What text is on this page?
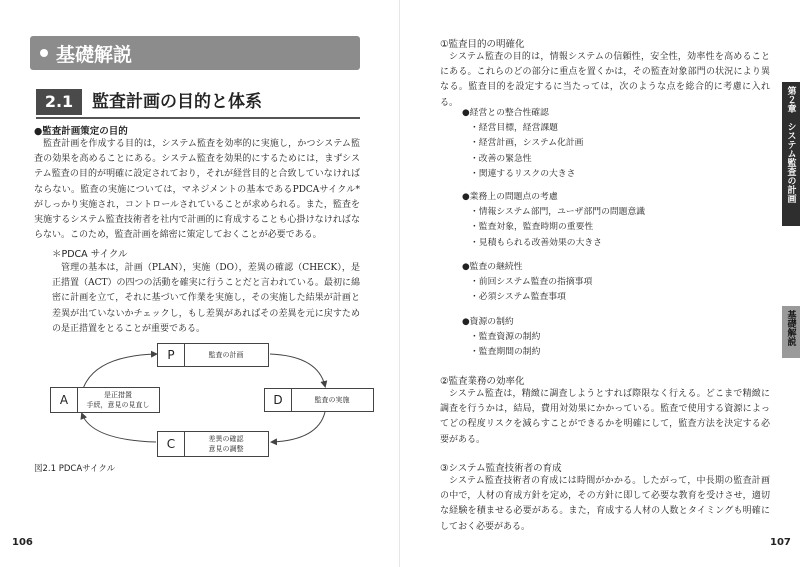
基礎解説
2.1	監査計画の目的と体系
●監査計画策定の目的
監査計画を作成する目的は，システム監査を効率的に実施し，かつシステム監査の効果を高めることにある。システム監査を効果的にするためには，まずシステム監査の目的が明確に設定されており，それが経営目的と合致していなければならない。監査の実施については，マネジメントの基本であるPDCAサイクル*がしっかり実施され，コントロールされていることが求められる。また，監査を実施するシステム監査技術者を社内で計画的に育成することも心掛けなければならない。このため，監査計画を綿密に策定しておくことが必要である。
＊PDCA サイクル
管理の基本は，計画（PLAN），実施（DO），差異の確認（CHECK），是正措置（ACT）の四つの活動を確実に行うことだと言われている。最初に綿密に計画を立て，それに基づいて作業を実施し，その実施した結果が計画と差異が出ていないかチェックし，もし差異があればその差異を元に戻すための是正措置をとることが重要である。
P	監査の計画
D	監査の実施
C	差異の確認
意見の調整
A	是正措置
手続，意見の見直し
図2.1 PDCAサイクル
106
①監査目的の明確化
システム監査の目的は，情報システムの信頼性，安全性，効率性を高めることにある。これらのどの部分に重点を置くかは，その監査対象部門の状況により異なる。監査目的を設定するに当たっては，次のような点を総合的に考慮に入れる。
●経営との整合性確認
・経営目標，経営課題
・経営計画，システム化計画
・改善の緊急性
・関連するリスクの大きさ
●業務上の問題点の考慮
・情報システム部門，ユーザ部門の問題意識
・監査対象，監査時期の重要性
・見積もられる改善効果の大きさ
●監査の継続性
・前回システム監査の指摘事項
・必須システム監査事項
●資源の制約
・監査資源の制約
・監査期間の制約
②監査業務の効率化
システム監査は，精緻に調査しようとすれば際限なく行える。どこまで精緻に調査を行うかは，結局，費用対効果にかかっている。監査で使用する資源によってどの程度リスクを減らすことができるかを明確にして，監査方法を決定する必要がある。
③システム監査技術者の育成
システム監査技術者の育成には時間がかかる。したがって，中長期の監査計画の中で，人材の育成方針を定め，その方針に即して必要な教育を受けさせ，適切な経験を積ませる必要がある。また，育成する人材の人数とタイミングも明確にしておく必要がある。
第２章　システム監査の計画
基礎解説
107
